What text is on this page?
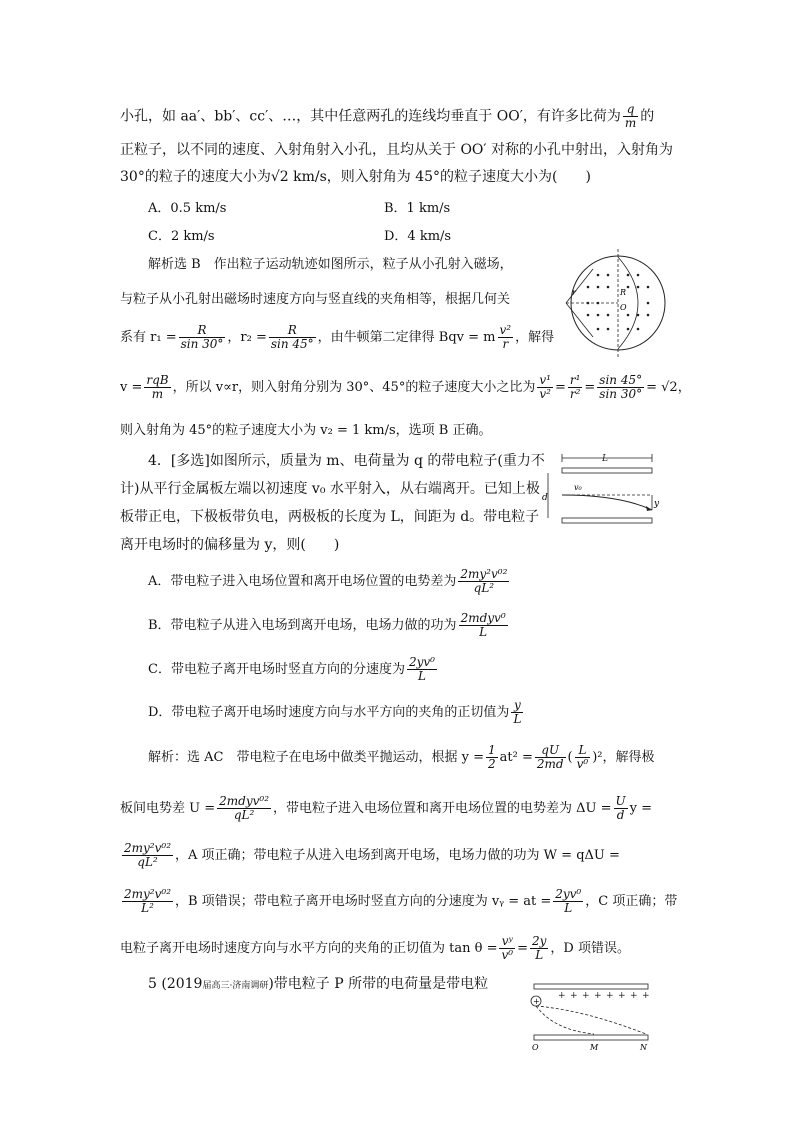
小孔，如 aa′、bb′、cc′、…，其中任意两孔的连线均垂直于 OO′，有许多比荷为 $\frac{q}{m}$ 的
正粒子，以不同的速度、入射角射入小孔，且均从关于 OO′ 对称的小孔中射出，入射角为
30°的粒子的速度大小为√2 km/s，则入射角为 45°的粒子速度大小为(　　)
A．0.5 km/s	B．1 km/s
C．2 km/s	D．4 km/s
解析选 B　作出粒子运动轨迹如图所示，粒子从小孔射入磁场，
与粒子从小孔射出磁场时速度方向与竖直线的夹角相等，根据几何关
系有 $r_1 = \frac{R}{\sin 30^\circ}$ ，$r_2 = \frac{R}{\sin 45^\circ}$ ，由牛顿第二定律得 Bqv = m $\frac{\text{v²}}{r}$ ，解得
$v = \frac{\text{rqB}}{m}$ ，所以 v∝r，则入射角分别为 30°、45°的粒子速度大小之比为 $\frac{\text{v¹}}{\text{v²}} = \frac{\text{r¹}}{\text{r²}} = \frac{\sin 45^\circ}{\sin 30^\circ} = √2$，
则入射角为 45°的粒子速度大小为 v₂ = 1 km/s，选项 B 正确。
r	R
O
4．[多选]如图所示，质量为 m、电荷量为 q 的带电粒子(重力不
计)从平行金属板左端以初速度 v₀ 水平射入，从右端离开。已知上极
板带正电，下极板带负电，两极板的长度为 L，间距为 d。带电粒子
离开电场时的偏移量为 y，则(　　)
L
d
v₀
y
A．带电粒子进入电场位置和离开电场位置的电势差为 $\frac{\text{2my²v⁰²}}{\text{qL²}}$
B．带电粒子从进入电场到离开电场，电场力做的功为 $\frac{\text{2mdyv⁰}}{L}$
C．带电粒子离开电场时竖直方向的分速度为 $\frac{\text{2yv⁰}}{L}$
D．带电粒子离开电场时速度方向与水平方向的夹角的正切值为 $\frac{y}{L}$
解析：选 AC　带电粒子在电场中做类平抛运动，根据 $y = \frac{1}{2} at^2 = \frac{qU}{2md}$ ( $\frac{L}{\text{v⁰}} )^2$，解得极
板间电势差 $U = \frac{\text{2mdyv⁰²}}{\text{qL²}}$ ，带电粒子进入电场位置和离开电场位置的电势差为 $\Delta U = \frac{U}{d}$ y =
$\frac{\text{2my²v⁰²}}{\text{qL²}}$ ，A 项正确；带电粒子从进入电场到离开电场，电场力做的功为 W = qΔU =
$\frac{\text{2my²v⁰²}}{\text{L²}}$ ，B 项错误；带电粒子离开电场时竖直方向的分速度为 vᵧ = at = $\frac{\text{2yv⁰}}{L}$ ，C 项正确；带
电粒子离开电场时速度方向与水平方向的夹角的正切值为 $\tan \theta = \frac{\text{vʸ}}{\text{v⁰}} = \frac{2y}{L}$ ，D 项错误。
5 (2019届高三·济南调研)带电粒子 P 所带的电荷量是带电粒
+ + + + + + + +
+
O	M	N
